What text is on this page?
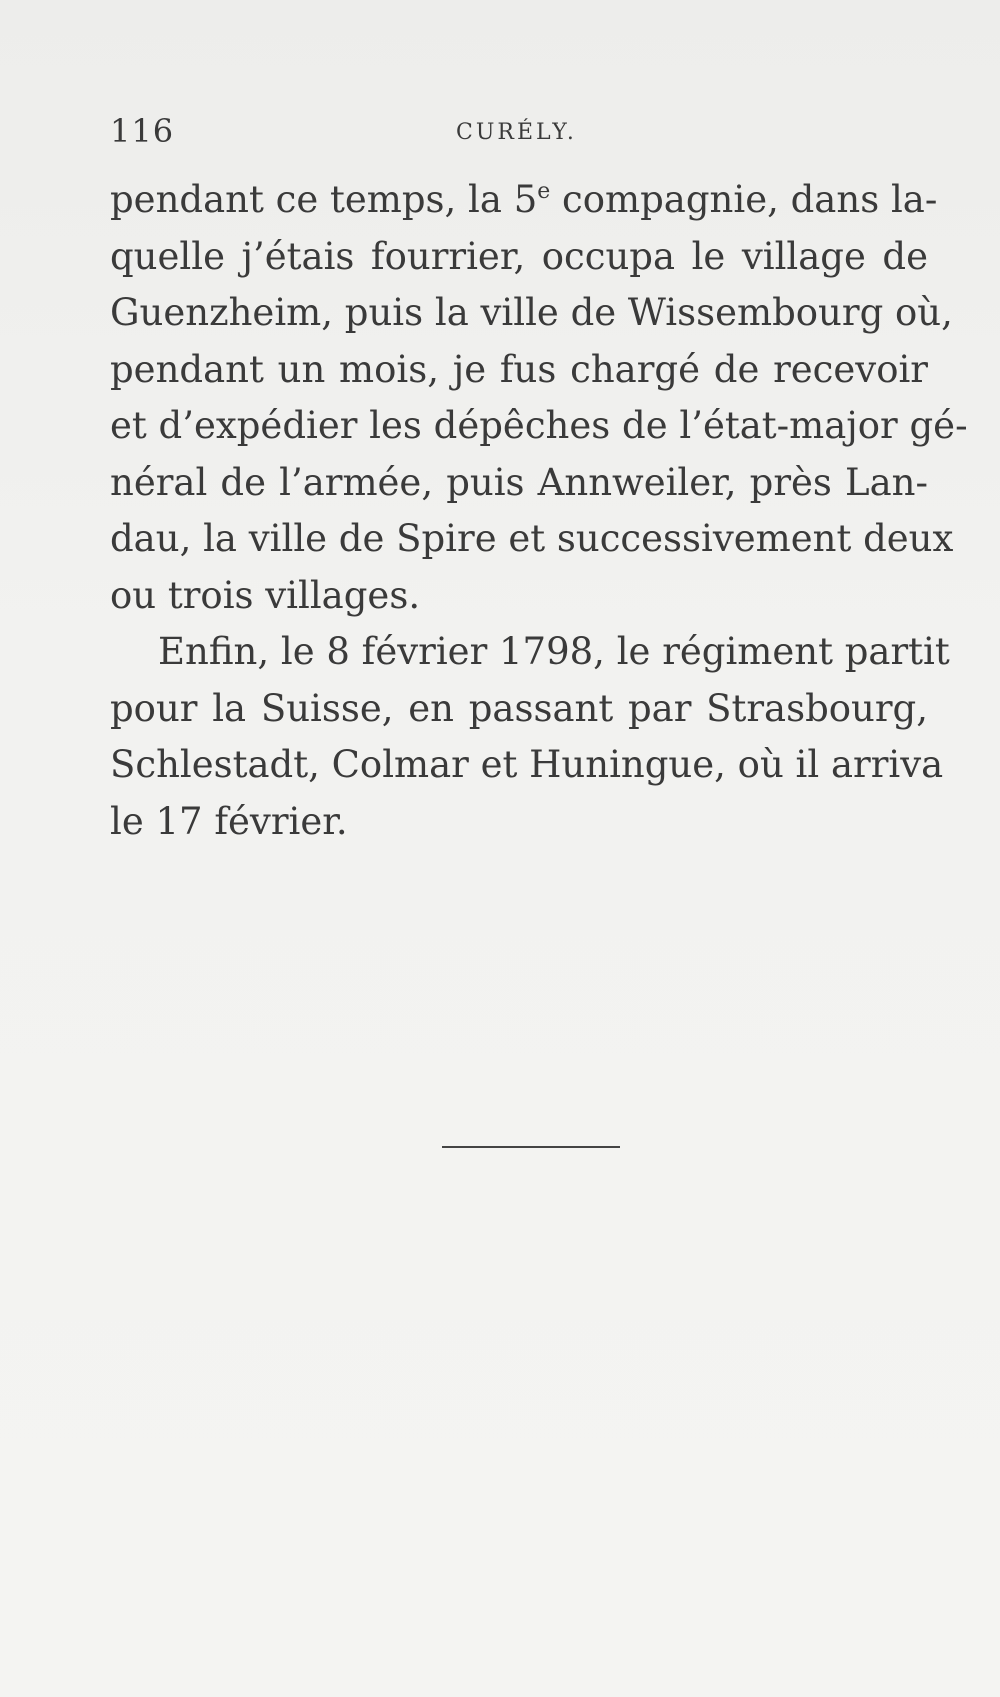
116	CURÉLY.
pendant ce temps, la 5e compagnie, dans la-
quelle j’étais fourrier, occupa le village de
Guenzheim, puis la ville de Wissembourg où,
pendant un mois, je fus chargé de recevoir
et d’expédier les dépêches de l’état-major gé-
néral de l’armée, puis Annweiler, près Lan-
dau, la ville de Spire et successivement deux
ou trois villages.
Enfin, le 8 février 1798, le régiment partit
pour la Suisse, en passant par Strasbourg,
Schlestadt, Colmar et Huningue, où il arriva
le 17 février.
